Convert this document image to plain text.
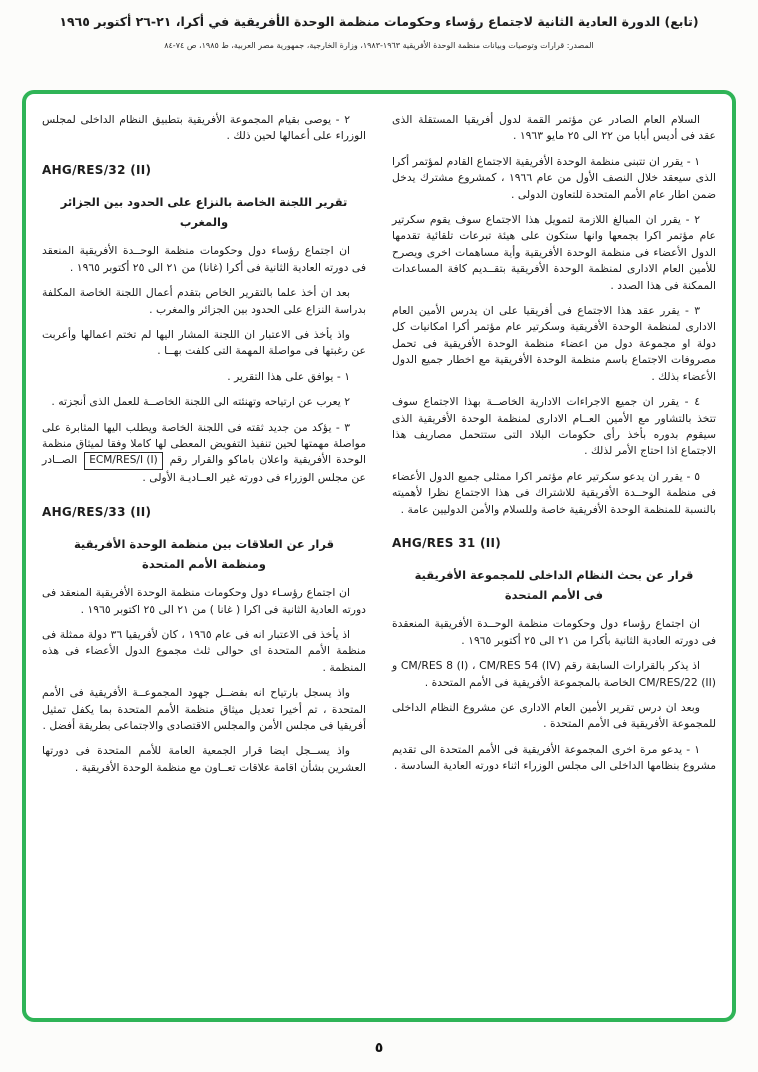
(تابع) الدورة العادية الثانية لاجتماع رؤساء وحكومات منظمة الوحدة الأفريقية في أكرا، ٢١-٢٦ أكتوبر ١٩٦٥
المصدر: قرارات وتوصيات وبيانات منظمة الوحدة الأفريقية ١٩٦٣-١٩٨٣، وزارة الخارجية، جمهورية مصر العربية، ط ١٩٨٥، ص ٧٤-٨٤
السلام العام الصادر عن مؤتمر القمة لدول أفريقيا المستقلة الذى عقد فى أديس أبابا من ٢٢ الى ٢٥ مايو ١٩٦٣ .
١ - يقرر ان تتبنى منظمة الوحدة الأفريقية الاجتماع القادم لمؤتمر أكرا الذى سيعقد خلال النصف الأول من عام ١٩٦٦ ، كمشروع مشترك يدخل ضمن اطار عام الأمم المتحدة للتعاون الدولى .
٢ - يقرر ان المبالغ اللازمة لتمويل هذا الاجتماع سوف يقوم سكرتير عام مؤتمر اكرا بجمعها وانها ستكون على هيئة تبرعات تلقائية تقدمها الدول الأعضاء فى منظمة الوحدة الأفريقية وأية مساهمات اخرى ويصرح للأمين العام الادارى لمنظمة الوحدة الأفريقية بتقــديم كافة المساعدات الممكنة فى هذا الصدد .
٣ - يقرر عقد هذا الاجتماع فى أفريقيا على ان يدرس الأمين العام الادارى لمنظمة الوحدة الأفريقية وسكرتير عام مؤتمر أكرا امكانيات كل دولة او مجموعة دول من اعضاء منظمة الوحدة الأفريقية فى تحمل مصروفات الاجتماع باسم منظمة الوحدة الأفريقية مع اخطار جميع الدول الأعضاء بذلك .
٤ - يقرر ان جميع الاجراءات الادارية الخاصــة بهذا الاجتماع سوف تتخذ بالتشاور مع الأمين العــام الادارى لمنظمة الوحدة الأفريقية الذى سيقوم بدوره بأخذ رأى حكومات البلاد التى ستتحمل مصاريف هذا الاجتماع اذا احتاج الأمر لذلك .
٥ - يقرر ان يدعو سكرتير عام مؤتمر اكرا ممثلى جميع الدول الأعضاء فى منظمة الوحــدة الأفريقية للاشتراك فى هذا الاجتماع نظرا لأهميته بالنسبة للمنظمة الوحدة الأفريقية خاصة وللسلام والأمن الدوليين عامة .
AHG/RES 31 (II)
قرار عن بحث النظام الداخلى للمجموعة الأفريقية فى الأمم المتحدة
ان اجتماع رؤساء دول وحكومات منظمة الوحــدة الأفريقية المنعقدة فى دورته العادية الثانية بأكرا من ٢١ الى ٢٥ أكتوبر ١٩٦٥ .
اذ يذكر بالقرارات السابقة رقم CM/RES 8 (I) ، CM/RES 54 (IV) و CM/RES/22 (II) الخاصة بالمجموعة الأفريقية فى الأمم المتحدة .
وبعد ان درس تقرير الأمين العام الادارى عن مشروع النظام الداخلى للمجموعة الأفريقية فى الأمم المتحدة .
١ - يدعو مرة اخرى المجموعة الأفريقية فى الأمم المتحدة الى تقديم مشروع بنظامها الداخلى الى مجلس الوزراء اثناء دورته العادية السادسة .
٢ - يوصى بقيام المجموعة الأفريقية بتطبيق النظام الداخلى لمجلس الوزراء على أعمالها لحين ذلك .
AHG/RES/32 (II)
تقرير اللجنة الخاصة بالنزاع على الحدود بين الجزائر والمغرب
ان اجتماع رؤساء دول وحكومات منظمة الوحــدة الأفريقية المنعقد فى دورته العادية الثانية فى أكرا (غانا) من ٢١ الى ٢٥ أكتوبر ١٩٦٥ .
بعد ان أخذ علما بالتقرير الخاص بتقدم أعمال اللجنة الخاصة المكلفة بدراسة النزاع على الحدود بين الجزائر والمغرب .
واذ يأخذ فى الاعتبار ان اللجنة المشار اليها لم تختم اعمالها وأعربت عن رغبتها فى مواصلة المهمة التى كلفت بهــا .
١ - يوافق على هذا التقرير .
٢ يعرب عن ارتياحه وتهنئته الى اللجنة الخاصــة للعمل الذى أنجزته .
٣ - يؤكد من جديد ثقته فى اللجنة الخاصة ويطلب اليها المثابرة على مواصلة مهمتها لحين تنفيذ التفويض المعطى لها كاملا وفقا لميثاق منظمة الوحدة الأفريقية واعلان باماكو والقرار رقم ECM/RES/I (I) الصــادر عن مجلس الوزراء فى دورته غير العــاديـة الأولى .
AHG/RES/33 (II)
قرار عن العلاقات بين منظمة الوحدة الأفريقية ومنظمة الأمم المتحدة
ان اجتماع رؤسـاء دول وحكومات منظمة الوحدة الأفريقية المنعقد فى دورته العادية الثانية فى اكرا ( غانا ) من ٢١ الى ٢٥ اكتوبر ١٩٦٥ .
اذ يأخذ فى الاعتبار انه فى عام ١٩٦٥ ، كان لأفريقيا ٣٦ دولة ممثلة فى منظمة الأمم المتحدة اى حوالى ثلث مجموع الدول الأعضاء فى هذه المنظمة .
واذ يسجل بارتياح انه بفضــل جهود المجموعــة الأفريقية فى الأمم المتحدة ، تم أخيرا تعديل ميثاق منظمة الأمم المتحدة بما يكفل تمثيل أفريقيا فى مجلس الأمن والمجلس الاقتصادى والاجتماعى بطريقة أفضل .
واذ يســجل ايضا قرار الجمعية العامة للأمم المتحدة فى دورتها العشرين بشأن اقامة علاقات تعــاون مع منظمة الوحدة الأفريقية .
٥
